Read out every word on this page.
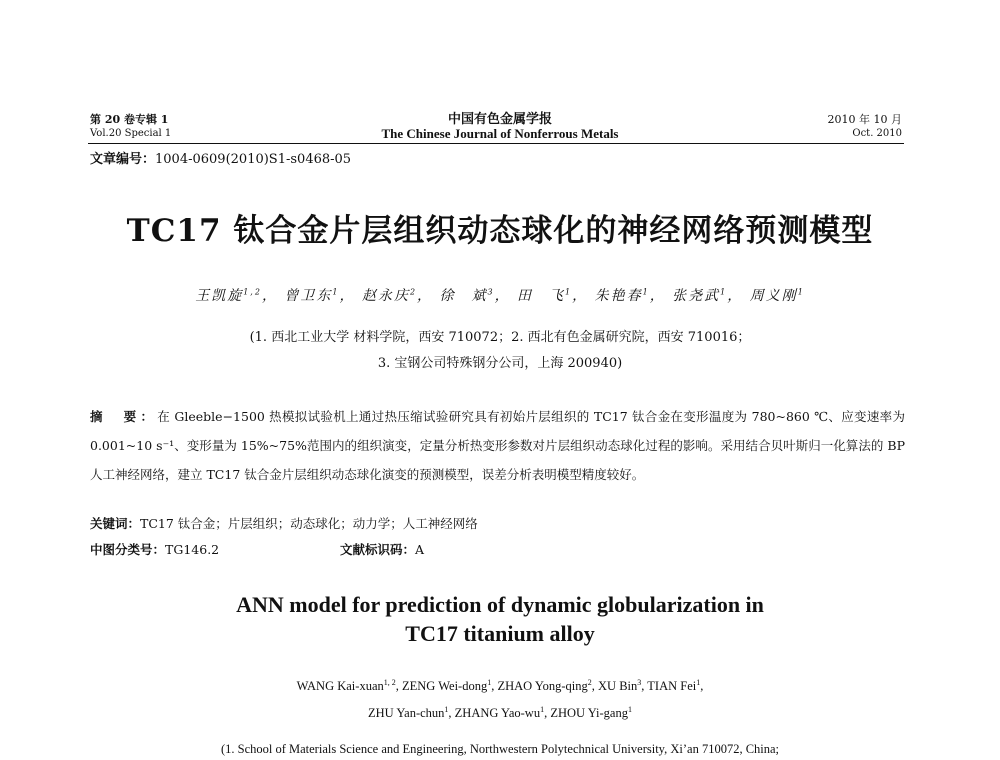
第 20 卷专辑 1
Vol.20 Special 1
中国有色金属学报
The Chinese Journal of Nonferrous Metals
2010 年 10 月
Oct. 2010
文章编号：1004-0609(2010)S1-s0468-05
TC17 钛合金片层组织动态球化的神经网络预测模型
王凯旋$^{1,2}$， 曾卫东$^1$， 赵永庆$^2$， 徐　斌$^3$， 田　飞$^1$， 朱艳春$^1$， 张尧武$^1$， 周义刚$^1$
(1. 西北工业大学 材料学院，西安 710072；2. 西北有色金属研究院，西安 710016；
3. 宝钢公司特殊钢分公司，上海 200940)
摘　要：在 Gleeble−1500 热模拟试验机上通过热压缩试验研究具有初始片层组织的 TC17 钛合金在变形温度为 780~860 ℃、应变速率为 0.001~10 s⁻¹、变形量为 15%~75%范围内的组织演变，定量分析热变形参数对片层组织动态球化过程的影响。采用结合贝叶斯归一化算法的 BP 人工神经网络，建立 TC17 钛合金片层组织动态球化演变的预测模型，误差分析表明模型精度较好。
关键词：TC17 钛合金；片层组织；动态球化；动力学；人工神经网络
中图分类号：TG146.2	文献标识码：A
ANN model for prediction of dynamic globularization in
TC17 titanium alloy
WANG Kai-xuan$^{1, 2}$, ZENG Wei-dong$^1$, ZHAO Yong-qing$^2$, XU Bin$^3$, TIAN Fei$^1$,
ZHU Yan-chun$^1$, ZHANG Yao-$wu^1$, ZHOU Yi-gang$^1$
(1. School of Materials Science and Engineering, Northwestern Polytechnical University, Xi’an 710072, China;
